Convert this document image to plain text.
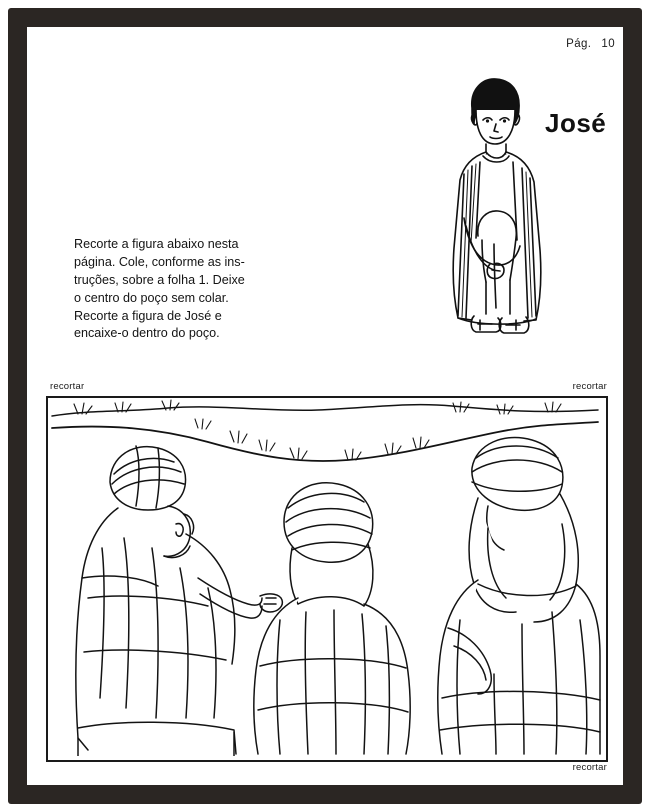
Pág. 10
José
Recorte a figura abaixo nesta
página. Cole, conforme as ins-
truções, sobre a folha 1. Deixe
o centro do poço sem colar.
Recorte a figura de José e
encaixe-o dentro do poço.
recortar	recortar
recortar
